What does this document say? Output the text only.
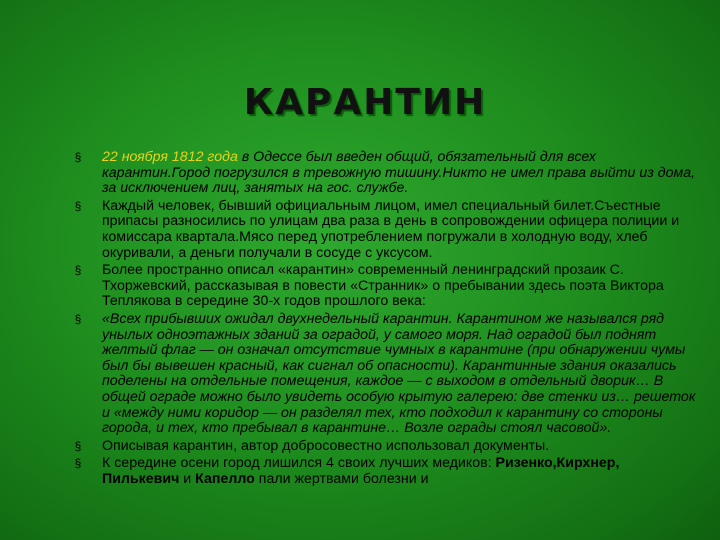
КАРАНТИН
§ 22 ноября 1812 года в Одессе был введен общий, обязательный для всех карантин.Город погрузился в тревожную тишину.Никто не имел права выйти из дома, за исключением лиц, занятых на гос. службе.
§ Каждый человек, бывший официальным лицом, имел специальный билет.Съестные припасы разносились по улицам два раза в день в сопровождении офицера полиции и комиссара квартала.Мясо перед употреблением погружали в холодную воду, хлеб окуривали, а деньги получали в сосуде с уксусом.
§ Более пространно описал «карантин» современный ленинградский прозаик С. Тхоржевский, рассказывая в повести «Странник» о пребывании здесь поэта Виктора Теплякова в середине 30-х годов прошлого века:
§ «Всех прибывших ожидал двухнедельный карантин. Карантином же назывался ряд унылых одноэтажных зданий за оградой, у самого моря. Над оградой был поднят желтый флаг — он означал отсутствие чумных в карантине (при обнаружении чумы был бы вывешен красный, как сигнал об опасности). Карантинные здания оказались поделены на отдельные помещения, каждое — с выходом в отдельный дворик… В общей ограде можно было увидеть особую крытую галерею: две стенки из… решеток и «между ними коридор — он разделял тех, кто подходил к карантину со стороны города, и тех, кто пребывал в карантине… Возле ограды стоял часовой».
§ Описывая карантин, автор добросовестно использовал документы.
§ К середине осени город лишился 4 своих лучших медиков: Ризенко,Кирхнер, Пилькевич и Капелло пали жертвами болезни и
